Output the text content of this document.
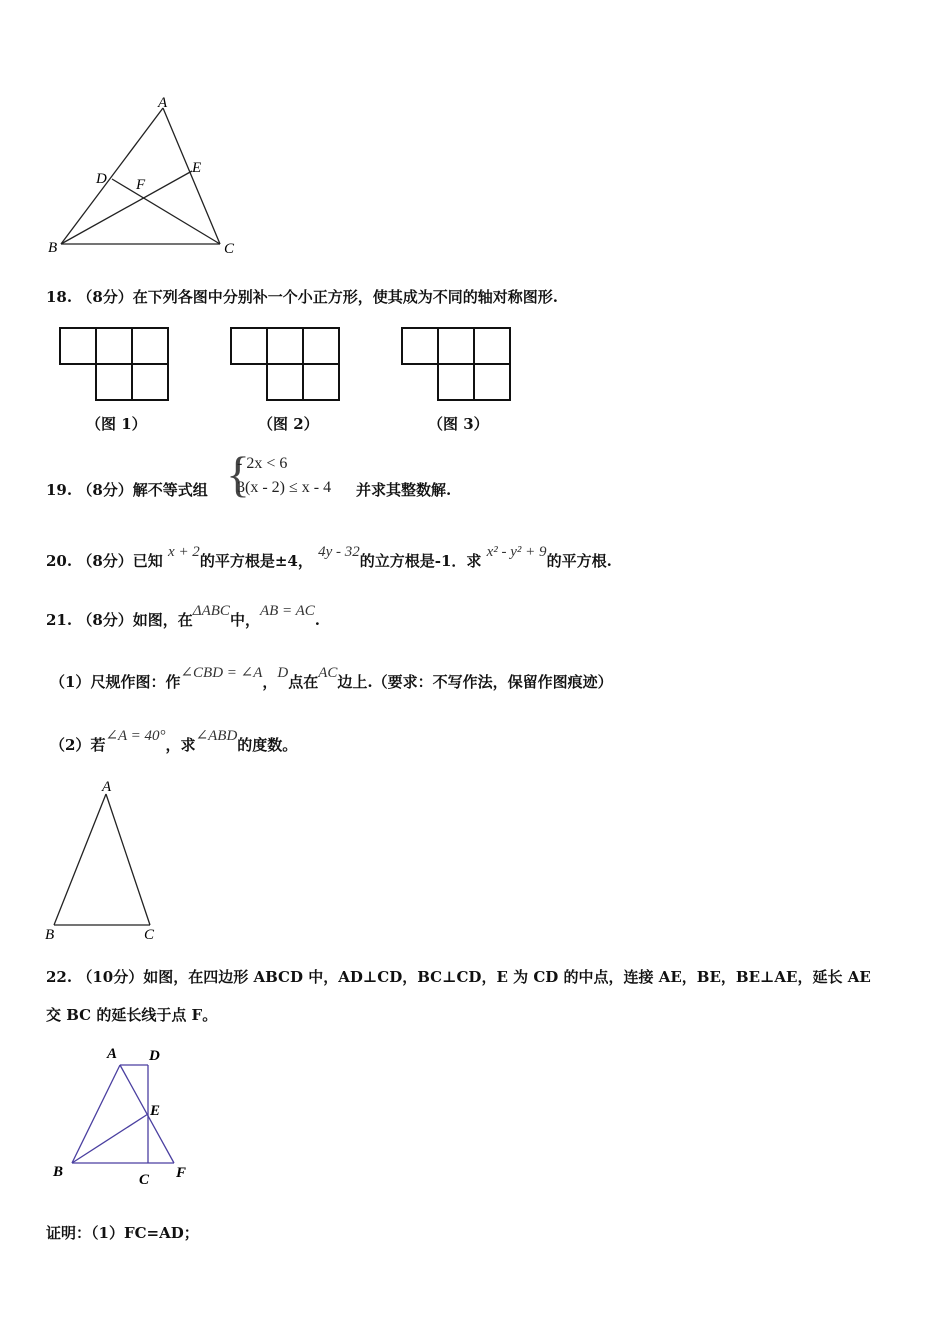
A
B	C
D
E
F
18. （8分）在下列各图中分别补一个小正方形，使其成为不同的轴对称图形.
（图 1）	（图 2）	（图 3）
19. （8分）解不等式组 {
- 2x < 6
3(x - 2) ≤ x - 4 并求其整数解.
20. （8分）已知 x + 2的平方根是±4， 4y - 32的立方根是-1．求 x² - y² + 9的平方根.
21. （8分）如图，在ΔABC中，AB = AC.
（1）尺规作图：作∠CBD = ∠A，D点在AC边上.（要求：不写作法，保留作图痕迹）
（2）若∠A = 40°，求∠ABD的度数。
A
B	C
22. （10分）如图，在四边形 ABCD 中，AD⊥CD，BC⊥CD，E 为 CD 的中点，连接 AE，BE，BE⊥AE，延长 AE
交 BC 的延长线于点 F。
A D
E
B	C F
证明：（1）FC=AD；
